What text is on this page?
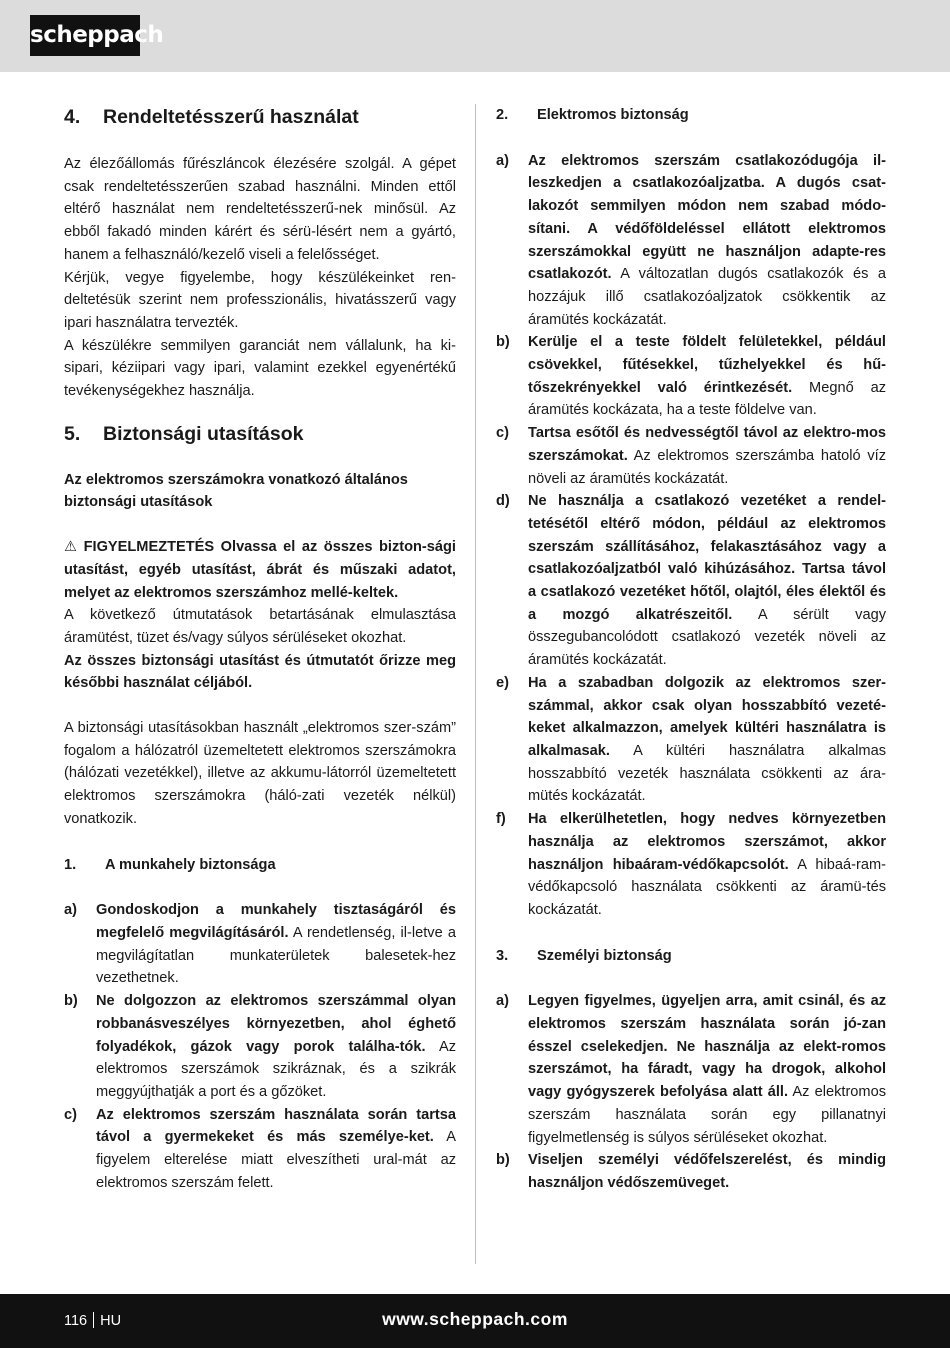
scheppach
4.	Rendeltetésszerű használat

Az élezőállomás fűrészláncok élezésére szolgál. A gépet csak rendeltetésszerűen szabad használni. Minden ettől eltérő használat nem rendeltetésszerű-nek minősül. Az ebből fakadó minden kárért és sérü-lésért nem a gyártó, hanem a felhasználó/kezelő viseli a felelősséget.

Kérjük, vegye figyelembe, hogy készülékeinket ren-deltetésük szerint nem professzionális, hivatásszerű vagy ipari használatra tervezték.

A készülékre semmilyen garanciát nem vállalunk, ha ki-sipari, kéziipari vagy ipari, valamint ezekkel egyenértékű tevékenységekhez használja.

5.	Biztonsági utasítások

Az elektromos szerszámokra vonatkozó általános biztonsági utasítások

⚠ FIGYELMEZTETÉS Olvassa el az összes bizton-sági utasítást, egyéb utasítást, ábrát és műszaki adatot, melyet az elektromos szerszámhoz mellé-keltek.

A következő útmutatások betartásának elmulasztása áramütést, tüzet és/vagy súlyos sérüléseket okozhat.

Az összes biztonsági utasítást és útmutatót őrizze meg későbbi használat céljából.

A biztonsági utasításokban használt „elektromos szer-szám” fogalom a hálózatról üzemeltetett elektromos szerszámokra (hálózati vezetékkel), illetve az akkumu-látorról üzemeltetett elektromos szerszámokra (háló-zati vezeték nélkül) vonatkozik.

1.	A munkahely biztonsága
a)	Gondoskodjon a munkahely tisztaságáról és megfelelő megvilágításáról. A rendetlenség, il-letve a megvilágítatlan munkaterületek balesetek-hez vezethetnek.
b)	Ne dolgozzon az elektromos szerszámmal olyan robbanásveszélyes környezetben, ahol éghető folyadékok, gázok vagy porok találha-tók. Az elektromos szerszámok szikráznak, és a szikrák meggyújthatják a port és a gőzöket.
c)	Az elektromos szerszám használata során tartsa távol a gyermekeket és más személye-ket. A figyelem elterelése miatt elveszítheti ural-mát az elektromos szerszám felett.
2.	Elektromos biztonság
a)	Az elektromos szerszám csatlakozódugója il-leszkedjen a csatlakozóaljzatba. A dugós csat-lakozót semmilyen módon nem szabad módo-sítani. A védőföldeléssel ellátott elektromos szerszámokkal együtt ne használjon adapte-res csatlakozót. A változatlan dugós csatlakozók és a hozzájuk illő csatlakozóaljzatok csökkentik az áramütés kockázatát.
b)	Kerülje el a teste földelt felületekkel, például csövekkel, fűtésekkel, tűzhelyekkel és hű-tőszekrényekkel való érintkezését. Megnő az áramütés kockázata, ha a teste földelve van.
c)	Tartsa esőtől és nedvességtől távol az elektro-mos szerszámokat. Az elektromos szerszámba hatoló víz növeli az áramütés kockázatát.
d)	Ne használja a csatlakozó vezetéket a rendel-tetésétől eltérő módon, például az elektromos szerszám szállításához, felakasztásához vagy a csatlakozóaljzatból való kihúzásához. Tartsa távol a csatlakozó vezetéket hőtől, olajtól, éles élektől és a mozgó alkatrészeitől. A sérült vagy összegubancolódott csatlakozó vezeték növeli az áramütés kockázatát.
e)	Ha a szabadban dolgozik az elektromos szer-számmal, akkor csak olyan hosszabbító vezeté-keket alkalmazzon, amelyek kültéri használatra is alkalmasak. A kültéri használatra alkalmas hosszabbító vezeték használata csökkenti az ára-mütés kockázatát.
f)	Ha elkerülhetetlen, hogy nedves környezetben használja az elektromos szerszámot, akkor használjon hibaáram-védőkapcsolót. A hibaá-ram-védőkapcsoló használata csökkenti az áramü-tés kockázatát.
3.	Személyi biztonság
a)	Legyen figyelmes, ügyeljen arra, amit csinál, és az elektromos szerszám használata során jó-zan ésszel cselekedjen. Ne használja az elekt-romos szerszámot, ha fáradt, vagy ha drogok, alkohol vagy gyógyszerek befolyása alatt áll. Az elektromos szerszám használata során egy pillanatnyi figyelmetlenség is súlyos sérüléseket okozhat.
b)	Viseljen személyi védőfelszerelést, és mindig használjon védőszemüveget.
116 HU	www.scheppach.com
